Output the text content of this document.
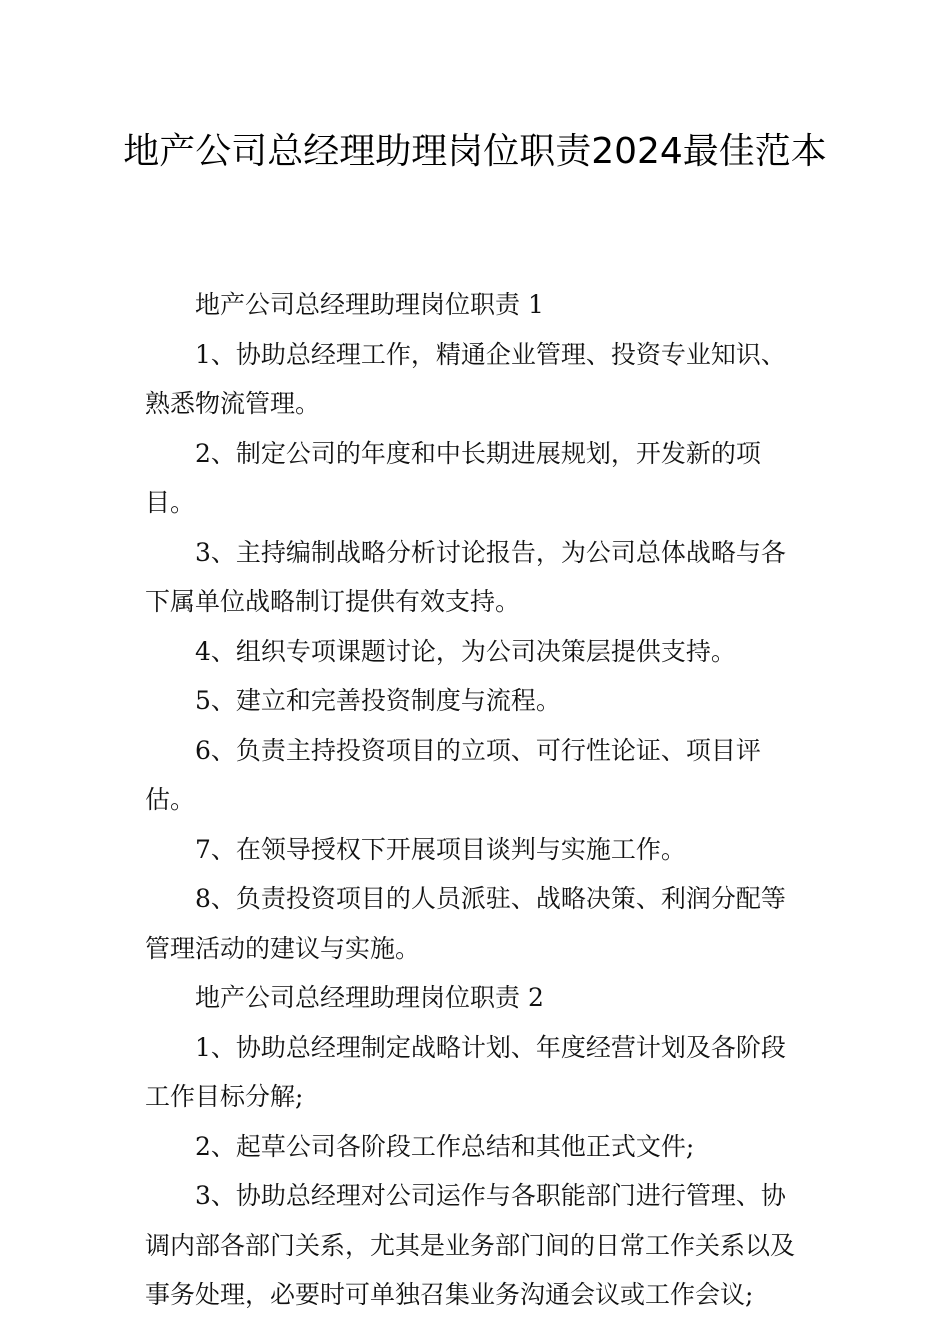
地产公司总经理助理岗位职责2024最佳范本

地产公司总经理助理岗位职责 1

1、协助总经理工作，精通企业管理、投资专业知识、熟悉物流管理。

2、制定公司的年度和中长期进展规划，开发新的项目。

3、主持编制战略分析讨论报告，为公司总体战略与各下属单位战略制订提供有效支持。

4、组织专项课题讨论，为公司决策层提供支持。

5、建立和完善投资制度与流程。

6、负责主持投资项目的立项、可行性论证、项目评估。

7、在领导授权下开展项目谈判与实施工作。

8、负责投资项目的人员派驻、战略决策、利润分配等管理活动的建议与实施。

地产公司总经理助理岗位职责 2

1、协助总经理制定战略计划、年度经营计划及各阶段工作目标分解;

2、起草公司各阶段工作总结和其他正式文件;

3、协助总经理对公司运作与各职能部门进行管理、协调内部各部门关系，尤其是业务部门间的日常工作关系以及事务处理，必要时可单独召集业务沟通会议或工作会议;
